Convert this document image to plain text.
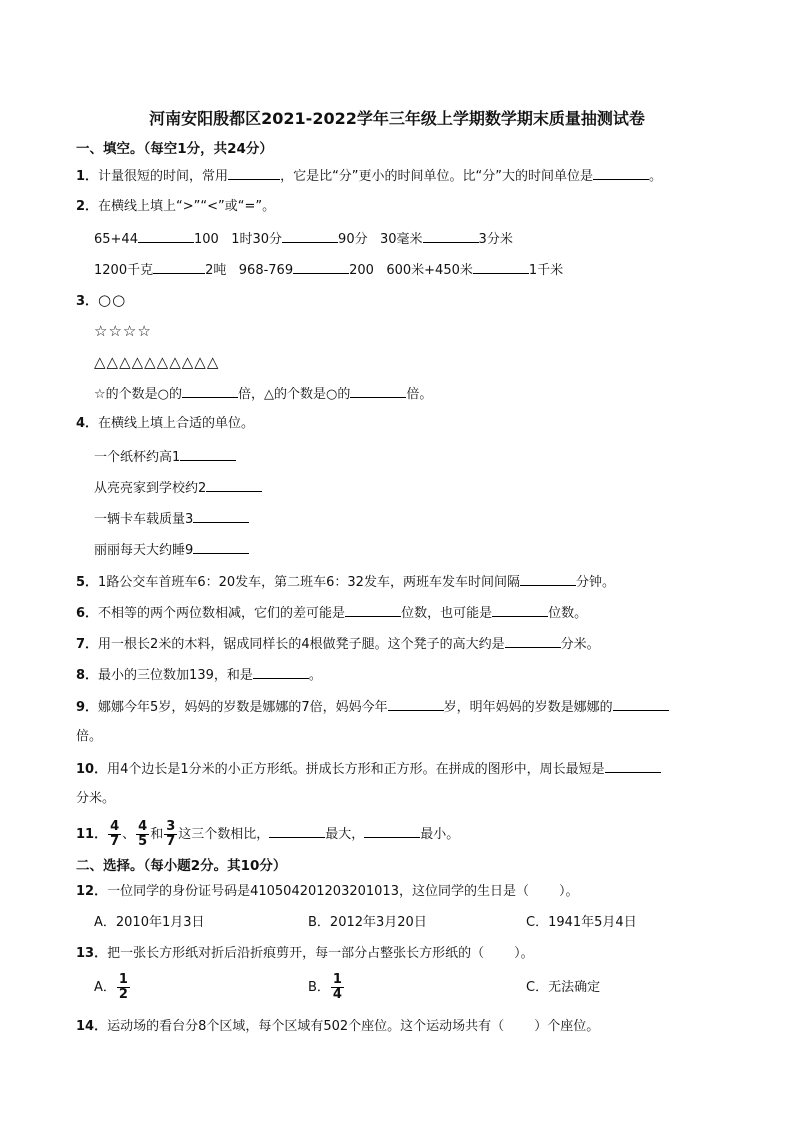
河南安阳殷都区2021-2022学年三年级上学期数学期末质量抽测试卷
一、填空。（每空1分，共24分）
1．计量很短的时间，常用	，它是比“分”更小的时间单位。比“分”大的时间单位是	。
2．在横线上填上“>”“<”或“=”。
65+44	100 1时30分	90分 30毫米	3分米
1200千克	2吨 968-769	200 600米+450米	1千米
3．○○
☆☆☆☆
△△△△△△△△△△
☆的个数是○的	倍，△的个数是○的	倍。
4．在横线上填上合适的单位。
一个纸杯约高1
从亮亮家到学校约2
一辆卡车载质量3
丽丽每天大约睡9
5．1路公交车首班车6：20发车，第二班车6：32发车，两班车发车时间间隔	分钟。
6．不相等的两个两位数相减，它们的差可能是	位数，也可能是	位数。
7．用一根长2米的木料，锯成同样长的4根做凳子腿。这个凳子的高大约是	分米。
8．最小的三位数加139，和是	。
9．娜娜今年5岁，妈妈的岁数是娜娜的7倍，妈妈今年	岁，明年妈妈的岁数是娜娜的
倍。
10．用4个边长是1分米的小正方形纸。拼成长方形和正方形。在拼成的图形中，周长最短是
分米。
11． $\frac{4}{7}$ 、 $\frac{4}{5}$ 和 $\frac{3}{7}$ 这三个数相比，	最大，	最小。
二、选择。（每小题2分。其10分）
12．一位同学的身份证号码是410504201203201013，这位同学的生日是（ ）。
A．2010年1月3日	B．2012年3月20日	C．1941年5月4日
13．把一张长方形纸对折后沿折痕剪开，每一部分占整张长方形纸的（ ）。
A． $\frac{1}{2}$	B． $\frac{1}{4}$	C．无法确定
14．运动场的看台分8个区域，每个区域有502个座位。这个运动场共有（ ）个座位。
